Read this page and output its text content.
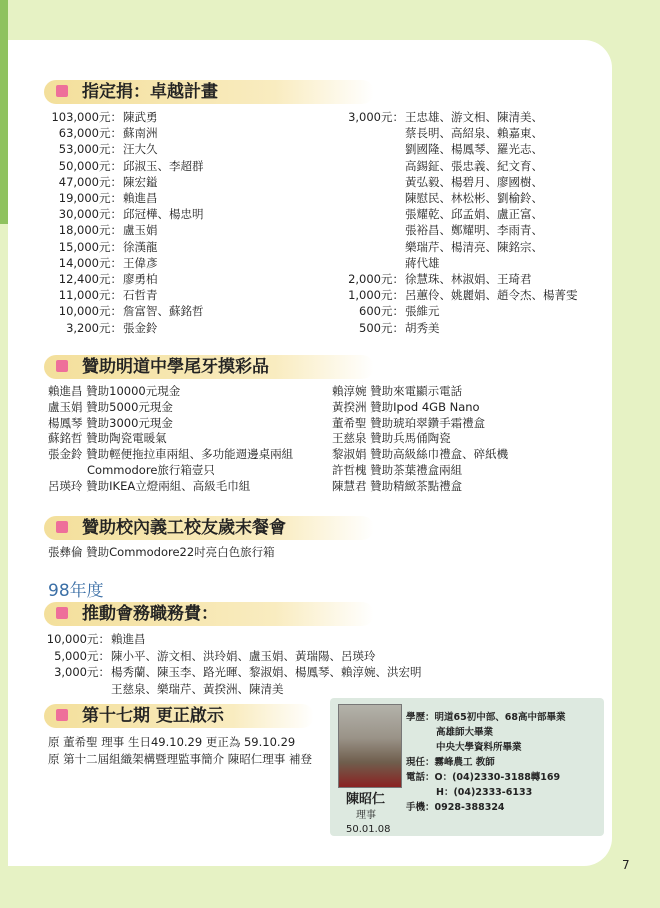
指定捐：卓越計畫
103,000元： 陳武勇
63,000元： 蘇南洲
53,000元： 汪大久
50,000元： 邱淑玉、李超群
47,000元： 陳宏鎰
19,000元： 賴進昌
30,000元： 邱冠樺、楊忠明
18,000元： 盧玉娟
15,000元： 徐漢龍
14,000元： 王偉彥
12,400元： 廖勇柏
11,000元： 石哲青
10,000元： 詹富智、蘇銘哲
3,200元： 張金鈴
3,000元： 王忠雄、游文相、陳清美、
蔡長明、高紹泉、賴嘉東、
劉國隆、楊鳳琴、羅光志、
高錫鉦、張忠義、紀文育、
黃弘毅、楊碧月、廖國樹、
陳慰民、林松彬、劉榆鈴、
張耀乾、邱孟娟、盧正富、
張裕昌、鄭耀明、李雨青、
樂瑞芹、楊清亮、陳銘宗、
蔣代雄
2,000元： 徐慧珠、林淑娟、王琦君
1,000元： 呂蕙伶、姚麗娟、趙令杰、楊菁雯
600元： 張維元
500元： 胡秀美
贊助明道中學尾牙摸彩品
賴進昌 贊助10000元現金
盧玉娟 贊助5000元現金
楊鳳琴 贊助3000元現金
蘇銘哲 贊助陶瓷電暖氣
張金鈴 贊助輕便拖拉車兩組、多功能週邊桌兩組
Commodore旅行箱壹只
呂瑛玲 贊助IKEA立燈兩組、高級毛巾組
賴淳婉 贊助來電顯示電話
黃揆洲 贊助Ipod 4GB Nano
董希聖 贊助琥珀翠鑽手霜禮盒
王慈泉 贊助兵馬俑陶瓷
黎淑娟 贊助高級絲巾禮盒、碎紙機
許哲槐 贊助茶葉禮盒兩組
陳慧君 贊助精緻茶點禮盒
贊助校內義工校友歲末餐會
張彝倫 贊助Commodore22吋亮白色旅行箱
98年度
推動會務職務費：
10,000元： 賴進昌
5,000元： 陳小平、游文相、洪玲娟、盧玉娟、黃瑞陽、呂瑛玲
3,000元： 楊秀蘭、陳玉李、路光暉、黎淑娟、楊鳳琴、賴淳婉、洪宏明
王慈泉、樂瑞芹、黃揆洲、陳清美
第十七期 更正啟示
原 董希聖 理事 生日49.10.29 更正為 59.10.29
原 第十二屆組織架構暨理監事簡介 陳昭仁理事 補登
學歷：明道65初中部、68高中部畢業
高雄師大畢業
中央大學資料所畢業
現任：霧峰農工 教師
電話：O：(04)2330-3188轉169
H：(04)2333-6133
手機：0928-388324
陳昭仁
理事
50.01.08
7
